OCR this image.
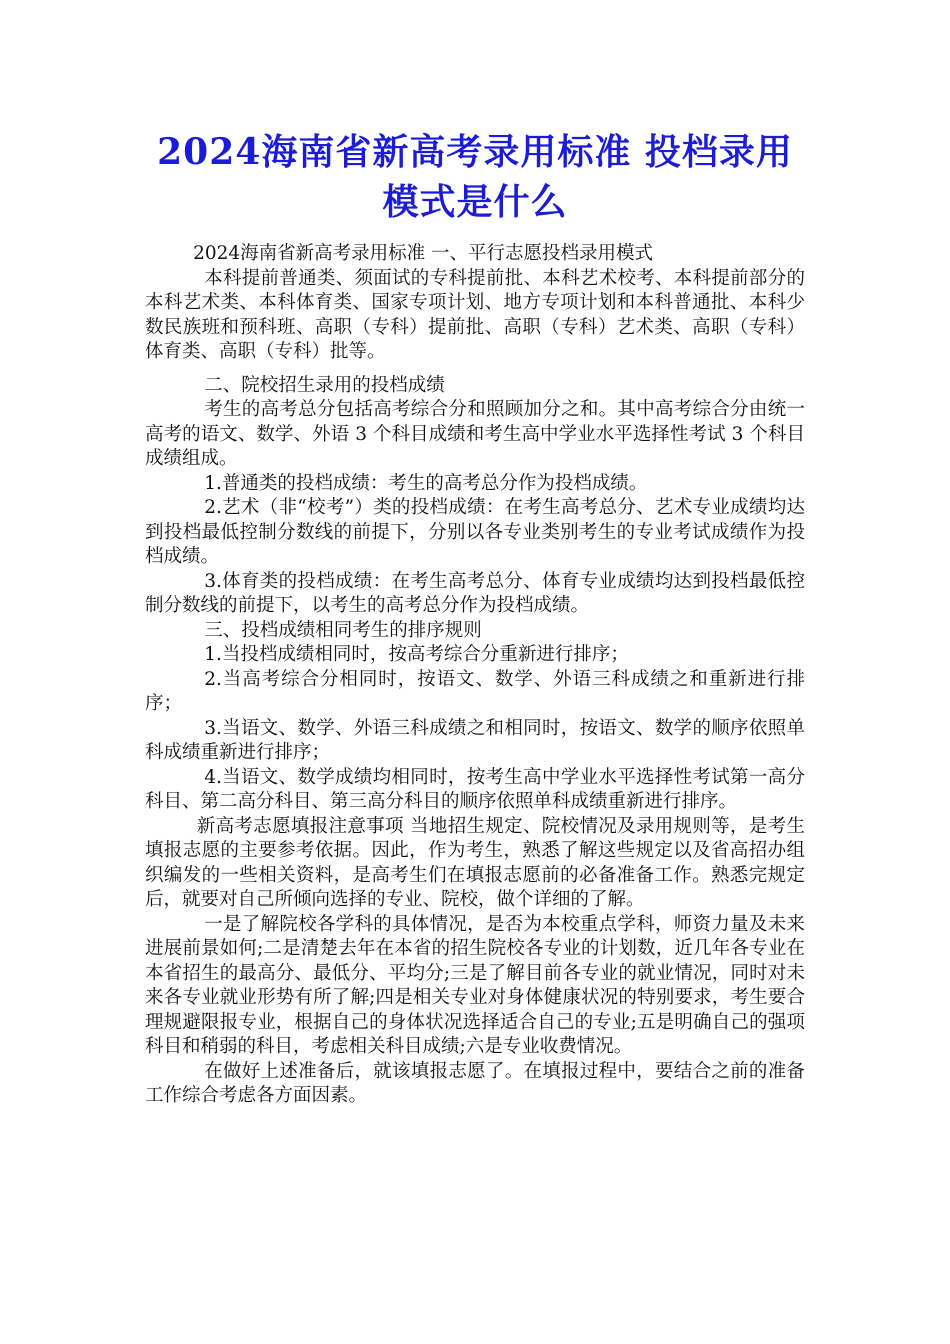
2024海南省新高考录用标准 投档录用模式是什么

2024海南省新高考录用标准 一、平行志愿投档录用模式

本科提前普通类、须面试的专科提前批、本科艺术校考、本科提前部分的本科艺术类、本科体育类、国家专项计划、地方专项计划和本科普通批、本科少数民族班和预科班、高职（专科）提前批、高职（专科）艺术类、高职（专科）体育类、高职（专科）批等。

二、院校招生录用的投档成绩

考生的高考总分包括高考综合分和照顾加分之和。其中高考综合分由统一高考的语文、数学、外语 3 个科目成绩和考生高中学业水平选择性考试 3 个科目成绩组成。

1.普通类的投档成绩：考生的高考总分作为投档成绩。

2.艺术（非“校考”）类的投档成绩：在考生高考总分、艺术专业成绩均达到投档最低控制分数线的前提下，分别以各专业类别考生的专业考试成绩作为投档成绩。

3.体育类的投档成绩：在考生高考总分、体育专业成绩均达到投档最低控制分数线的前提下，以考生的高考总分作为投档成绩。

三、投档成绩相同考生的排序规则

1.当投档成绩相同时，按高考综合分重新进行排序；

2.当高考综合分相同时，按语文、数学、外语三科成绩之和重新进行排序；

3.当语文、数学、外语三科成绩之和相同时，按语文、数学的顺序依照单科成绩重新进行排序；

4.当语文、数学成绩均相同时，按考生高中学业水平选择性考试第一高分科目、第二高分科目、第三高分科目的顺序依照单科成绩重新进行排序。

新高考志愿填报注意事项 当地招生规定、院校情况及录用规则等，是考生填报志愿的主要参考依据。因此，作为考生，熟悉了解这些规定以及省高招办组织编发的一些相关资料，是高考生们在填报志愿前的必备准备工作。熟悉完规定后，就要对自己所倾向选择的专业、院校，做个详细的了解。

一是了解院校各学科的具体情况，是否为本校重点学科，师资力量及未来进展前景如何;二是清楚去年在本省的招生院校各专业的计划数，近几年各专业在本省招生的最高分、最低分、平均分;三是了解目前各专业的就业情况，同时对未来各专业就业形势有所了解;四是相关专业对身体健康状况的特别要求，考生要合理规避限报专业，根据自己的身体状况选择适合自己的专业;五是明确自己的强项科目和稍弱的科目，考虑相关科目成绩;六是专业收费情况。

在做好上述准备后，就该填报志愿了。在填报过程中，要结合之前的准备工作综合考虑各方面因素。
